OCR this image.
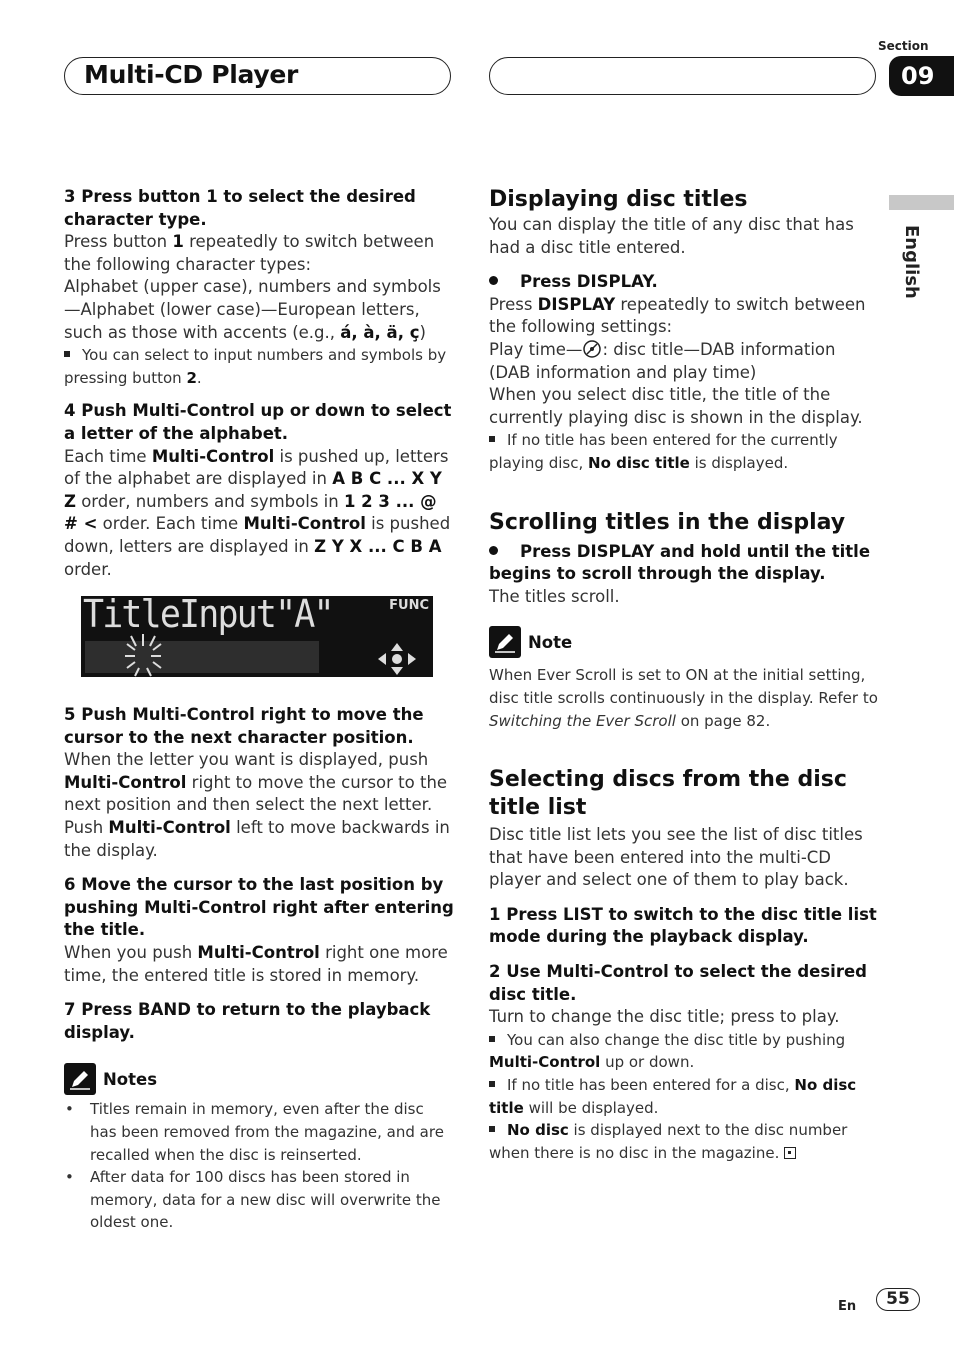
Multi-CD Player
Section
09
English

3 Press button 1 to select the desired character type.

Press button 1 repeatedly to switch between the following character types:

Alphabet (upper case), numbers and symbols —Alphabet (lower case)—European letters, such as those with accents (e.g., á, à, ä, ç)

You can select to input numbers and symbols by pressing button 2.

4 Push Multi-Control up or down to select a letter of the alphabet.

Each time Multi-Control is pushed up, letters of the alphabet are displayed in A B C ... X Y Z order, numbers and symbols in 1 2 3 ... @ # < order. Each time Multi-Control is pushed down, letters are displayed in Z Y X ... C B A order.

TitleInput"A"	FUNC

5 Push Multi-Control right to move the cursor to the next character position.

When the letter you want is displayed, push Multi-Control right to move the cursor to the next position and then select the next letter. Push Multi-Control left to move backwards in the display.

6 Move the cursor to the last position by pushing Multi-Control right after entering the title.

When you push Multi-Control right one more time, the entered title is stored in memory.

7 Press BAND to return to the playback display.

Notes
• Titles remain in memory, even after the disc has been removed from the magazine, and are recalled when the disc is reinserted.
• After data for 100 discs has been stored in memory, data for a new disc will overwrite the oldest one.

Displaying disc titles

You can display the title of any disc that has had a disc title entered.

Press DISPLAY.

Press DISPLAY repeatedly to switch between the following settings:

Play time— : disc title—DAB information (DAB information and play time)

When you select disc title, the title of the currently playing disc is shown in the display.

If no title has been entered for the currently playing disc, No disc title is displayed.

Scrolling titles in the display

Press DISPLAY and hold until the title begins to scroll through the display.

The titles scroll.

Note

When Ever Scroll is set to ON at the initial setting, disc title scrolls continuously in the display. Refer to Switching the Ever Scroll on page 82.

Selecting discs from the disc title list

Disc title list lets you see the list of disc titles that have been entered into the multi-CD player and select one of them to play back.

1 Press LIST to switch to the disc title list mode during the playback display.

2 Use Multi-Control to select the desired disc title.

Turn to change the disc title; press to play.

You can also change the disc title by pushing Multi-Control up or down.

If no title has been entered for a disc, No disc title will be displayed.

No disc is displayed next to the disc number when there is no disc in the magazine.

En	55
